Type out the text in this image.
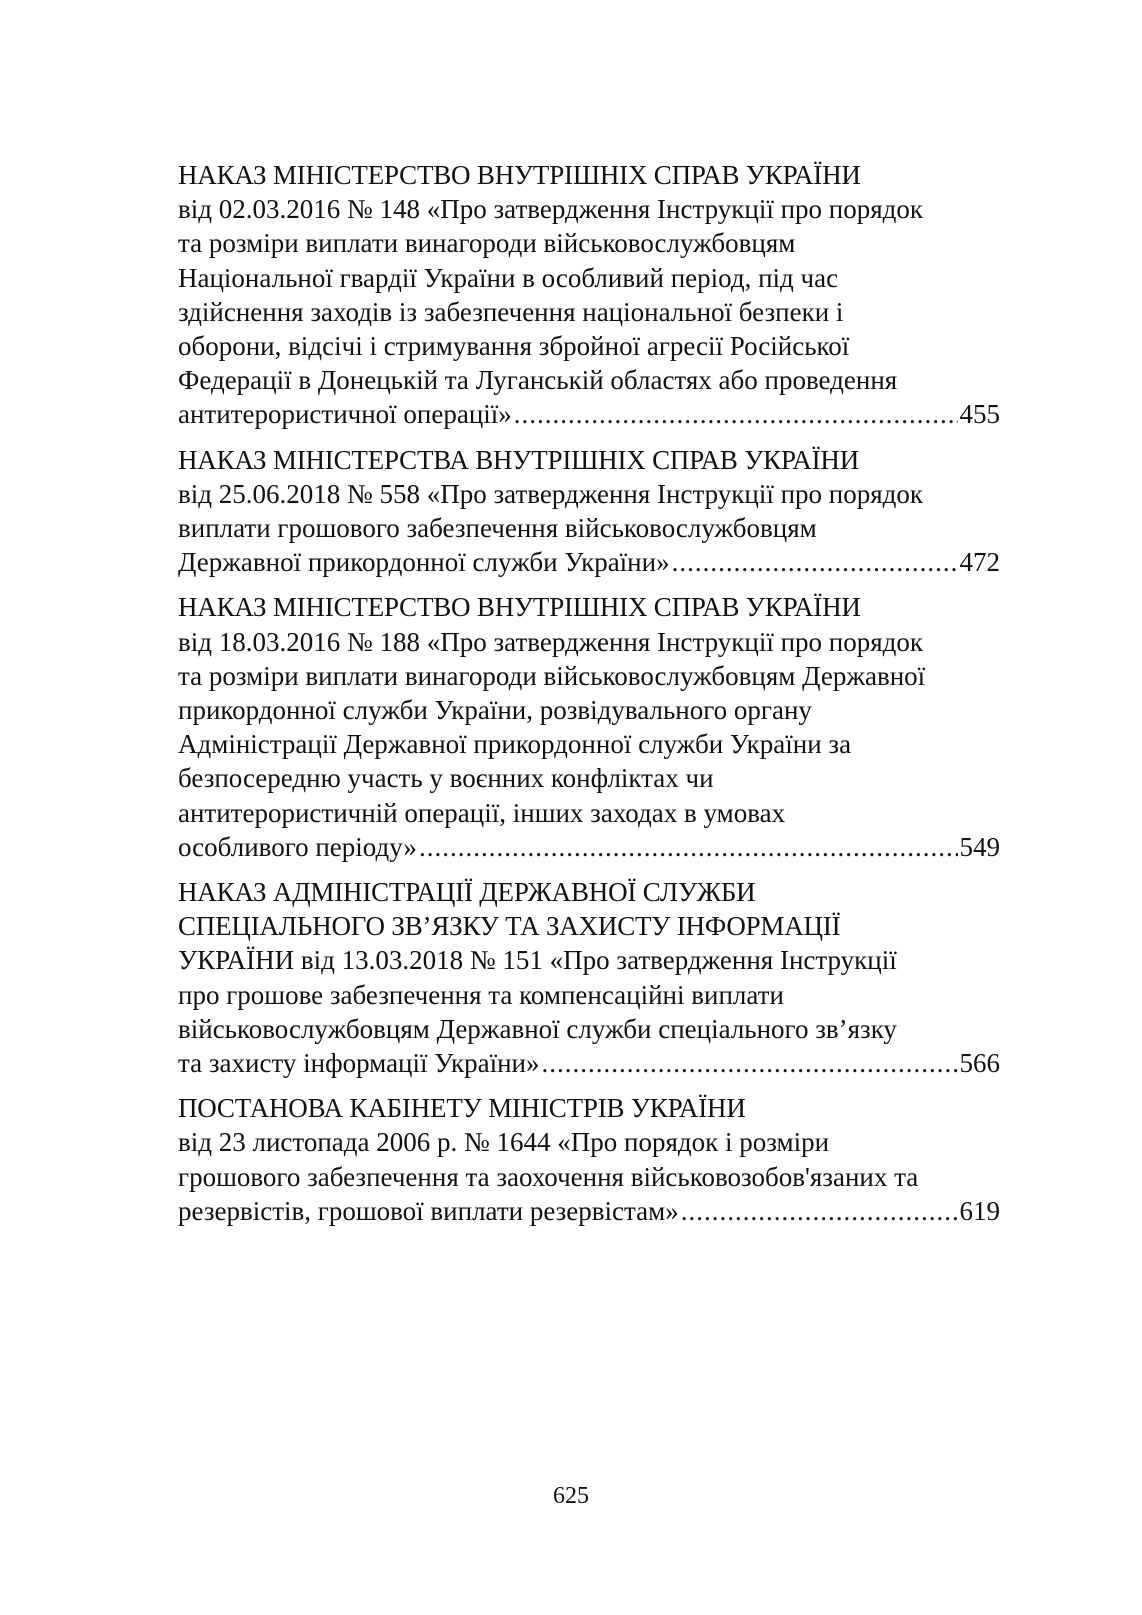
НАКАЗ МІНІСТЕРСТВО ВНУТРІШНІХ СПРАВ УКРАЇНИ
від 02.03.2016 № 148 «Про затвердження Інструкції про порядок
та розміри виплати винагороди військовослужбовцям
Національної гвардії України в особливий період, під час
здійснення заходів із забезпечення національної безпеки і
оборони, відсічі і стримування збройної агресії Російської
Федерації в Донецькій та Луганській областях або проведення
антитерористичної операції» .....	455
НАКАЗ МІНІСТЕРСТВА ВНУТРІШНІХ СПРАВ УКРАЇНИ
від 25.06.2018 № 558 «Про затвердження Інструкції про порядок
виплати грошового забезпечення військовослужбовцям
Державної прикордонної служби України» .....	472
НАКАЗ МІНІСТЕРСТВО ВНУТРІШНІХ СПРАВ УКРАЇНИ
від 18.03.2016 № 188 «Про затвердження Інструкції про порядок
та розміри виплати винагороди військовослужбовцям Державної
прикордонної служби України, розвідувального органу
Адміністрації Державної прикордонної служби України за
безпосередню участь у воєнних конфліктах чи
антитерористичній операції, інших заходах в умовах
особливого періоду» .....	549
НАКАЗ АДМІНІСТРАЦІЇ ДЕРЖАВНОЇ СЛУЖБИ
СПЕЦІАЛЬНОГО ЗВ’ЯЗКУ ТА ЗАХИСТУ ІНФОРМАЦІЇ
УКРАЇНИ від 13.03.2018 № 151 «Про затвердження Інструкції
про грошове забезпечення та компенсаційні виплати
військовослужбовцям Державної служби спеціального зв’язку
та захисту інформації України» .....	566
ПОСТАНОВА КАБІНЕТУ МІНІСТРІВ УКРАЇНИ
від 23 листопада 2006 р. № 1644 «Про порядок і розміри
грошового забезпечення та заохочення військовозобов'язаних та
резервістів, грошової виплати резервістам» .....	619
625
